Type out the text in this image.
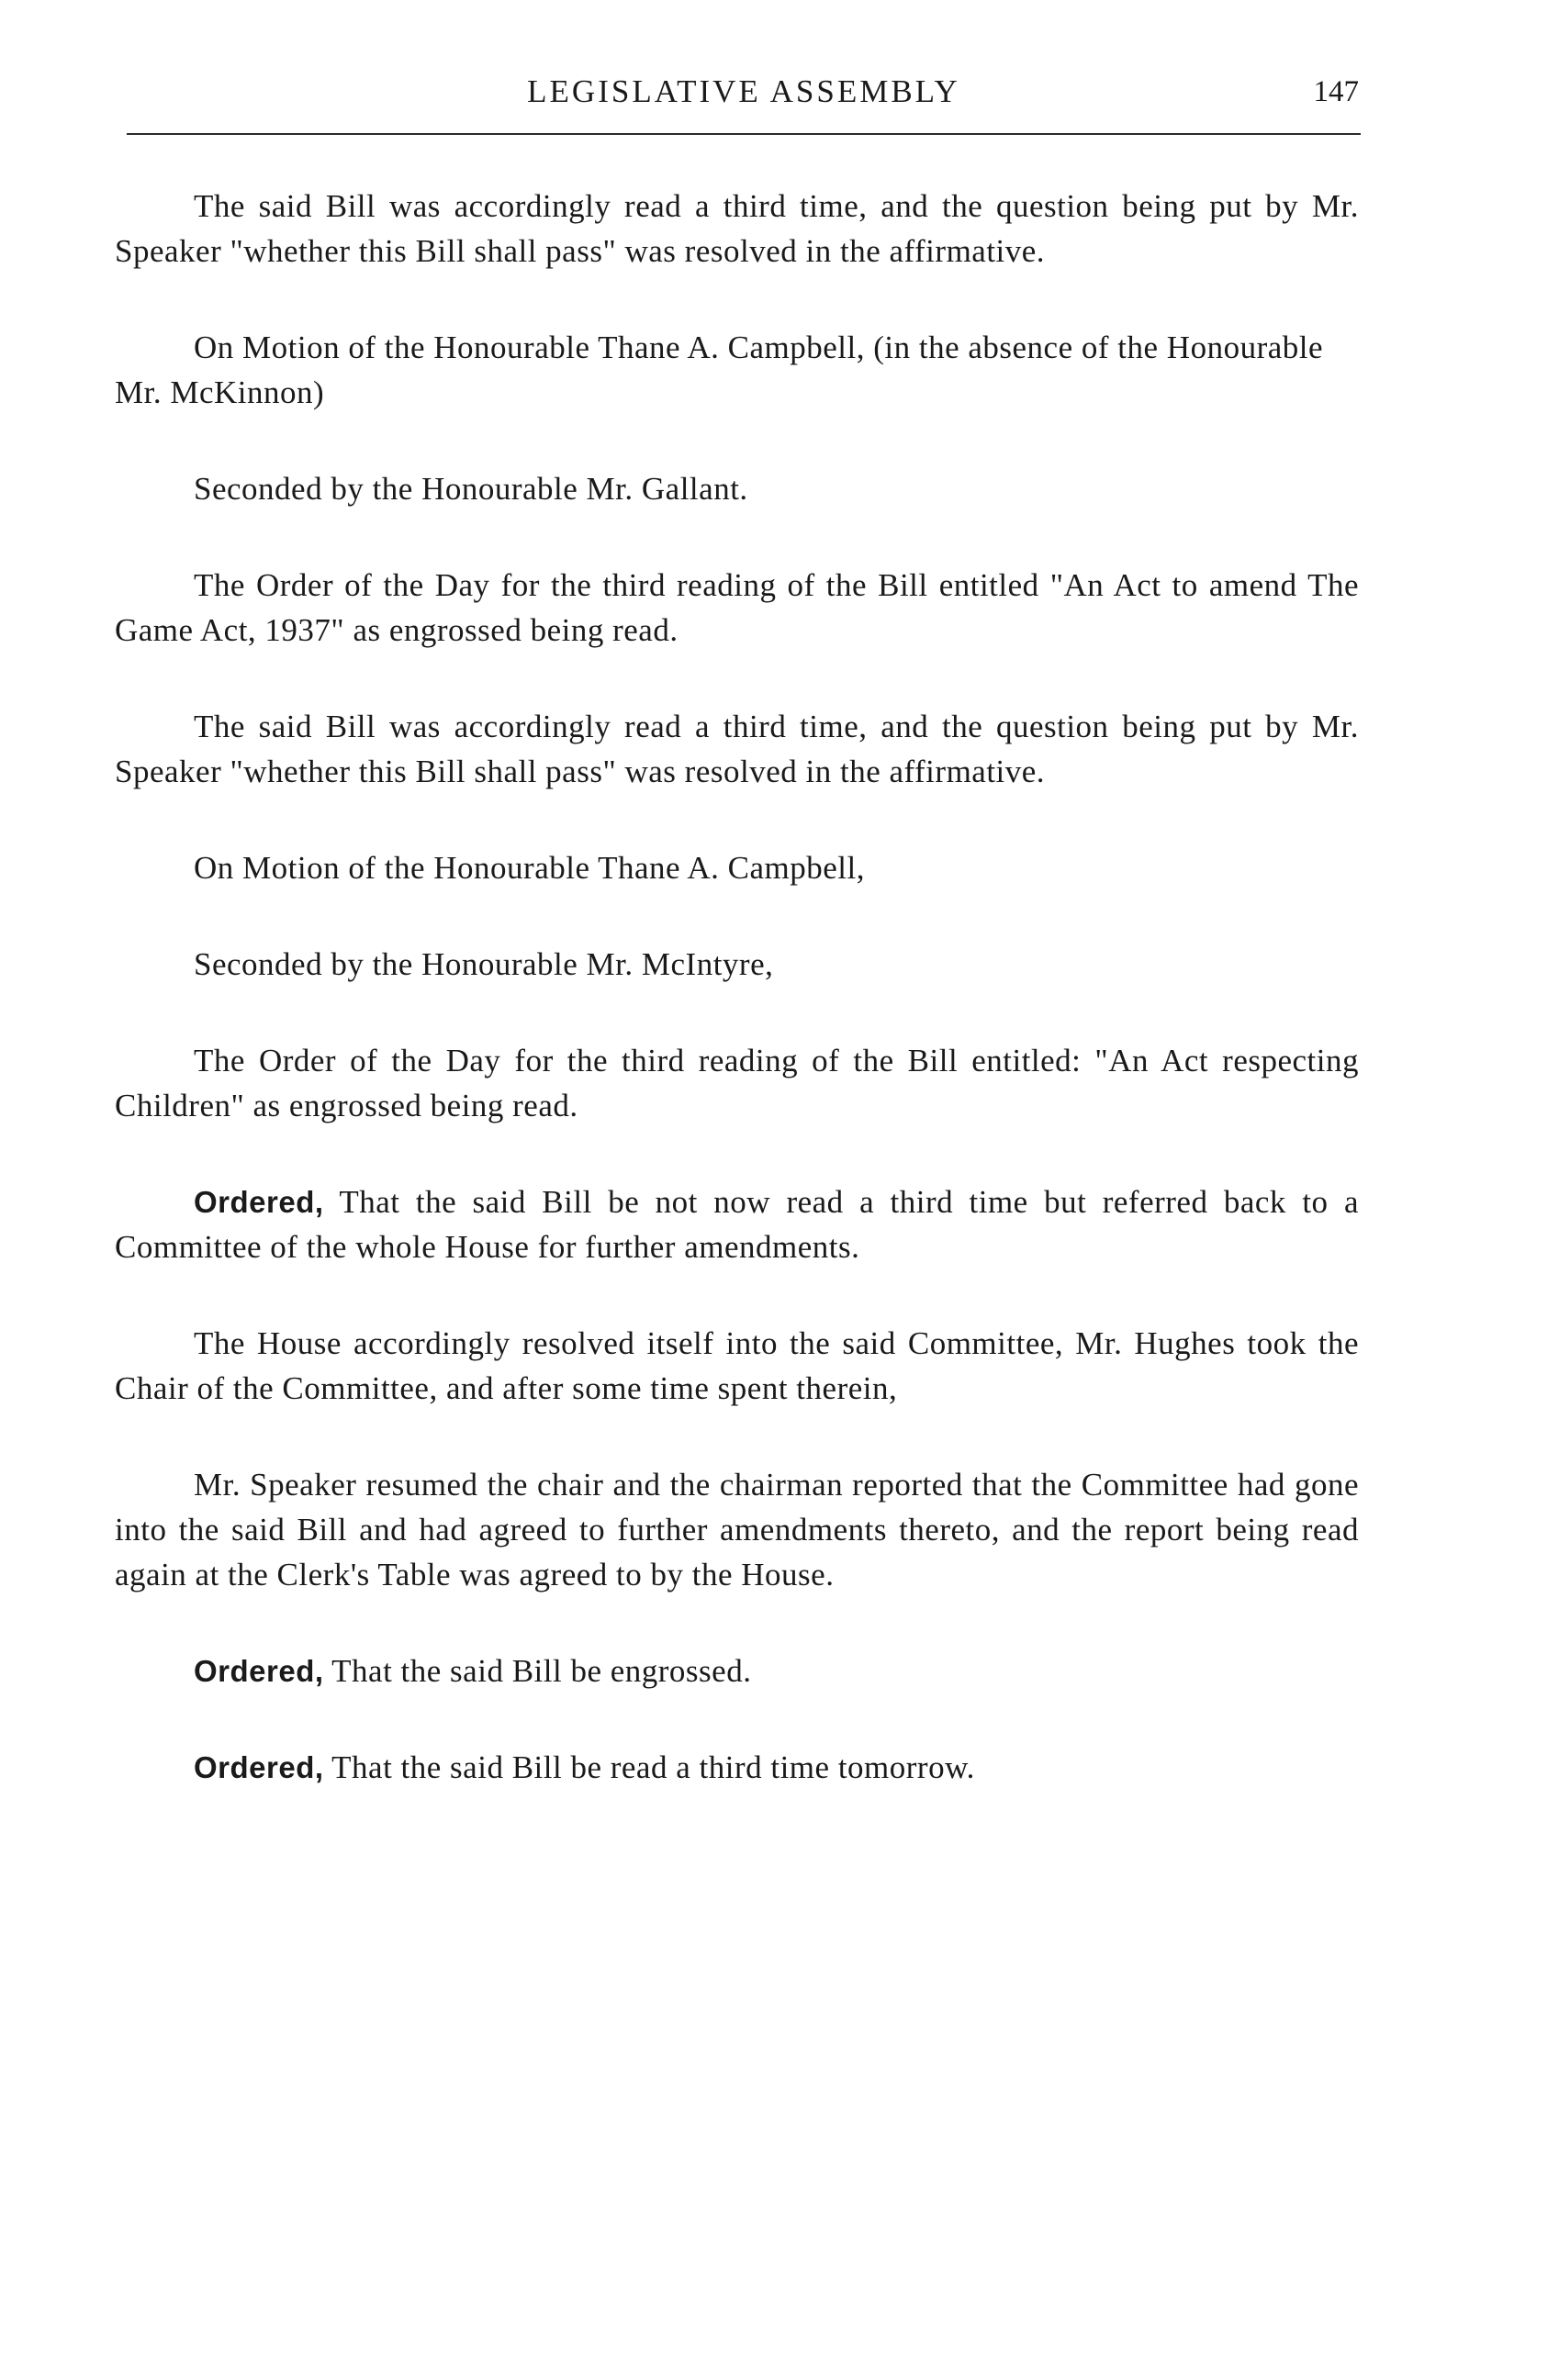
LEGISLATIVE ASSEMBLY	147

The said Bill was accordingly read a third time, and the question being put by Mr. Speaker "whether this Bill shall pass" was resolved in the affirmative.

On Motion of the Honourable Thane A. Campbell, (in the absence of the Honourable Mr. McKinnon)

Seconded by the Honourable Mr. Gallant.

The Order of the Day for the third reading of the Bill entitled "An Act to amend The Game Act, 1937" as engrossed being read.

The said Bill was accordingly read a third time, and the question being put by Mr. Speaker "whether this Bill shall pass" was resolved in the affirmative.

On Motion of the Honourable Thane A. Campbell,

Seconded by the Honourable Mr. McIntyre,

The Order of the Day for the third reading of the Bill entitled: "An Act respecting Children" as engrossed being read.

Ordered, That the said Bill be not now read a third time but referred back to a Committee of the whole House for further amendments.

The House accordingly resolved itself into the said Committee, Mr. Hughes took the Chair of the Committee, and after some time spent therein,

Mr. Speaker resumed the chair and the chairman reported that the Committee had gone into the said Bill and had agreed to further amendments thereto, and the report being read again at the Clerk's Table was agreed to by the House.

Ordered, That the said Bill be engrossed.

Ordered, That the said Bill be read a third time tomorrow.
